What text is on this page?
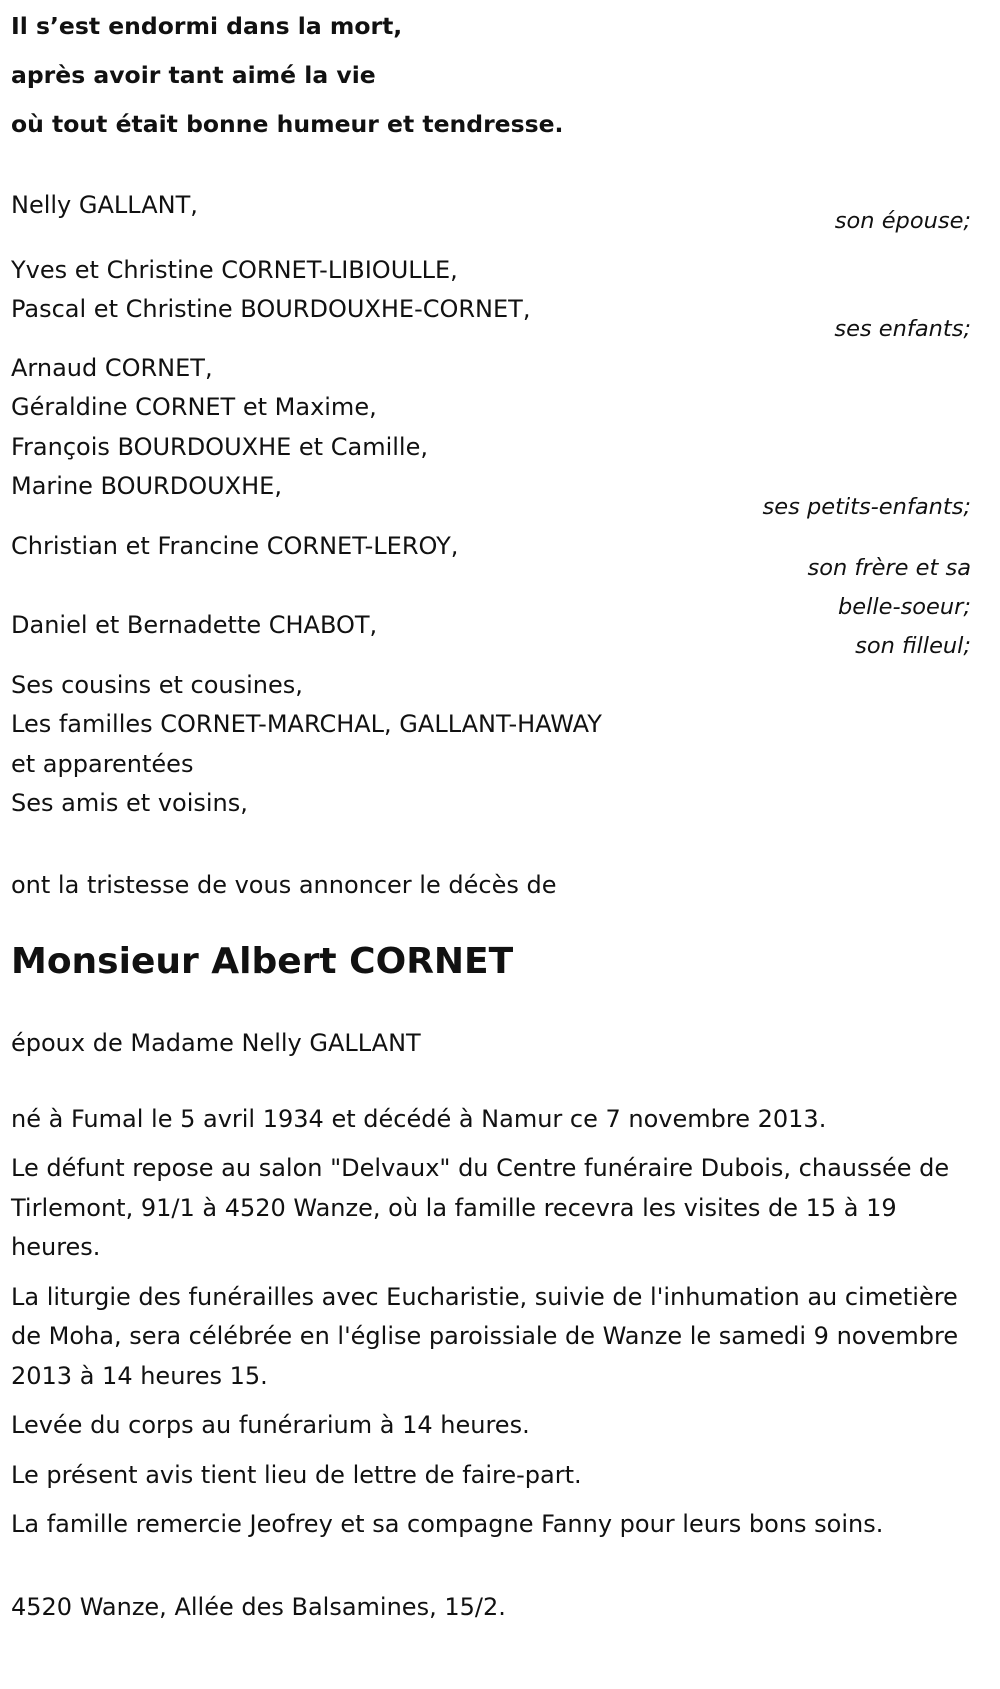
Il s’est endormi dans la mort,
après avoir tant aimé la vie
où tout était bonne humeur et tendresse.
Nelly GALLANT,
son épouse;
Yves et Christine CORNET-LIBIOULLE,
Pascal et Christine BOURDOUXHE-CORNET,
ses enfants;
Arnaud CORNET,
Géraldine CORNET et Maxime,
François BOURDOUXHE et Camille,
Marine BOURDOUXHE,
ses petits-enfants;
Christian et Francine CORNET-LEROY,
son frère et sa
belle-soeur;
Daniel et Bernadette CHABOT,
son filleul;
Ses cousins et cousines,
Les familles CORNET-MARCHAL, GALLANT-HAWAY
et apparentées
Ses amis et voisins,
ont la tristesse de vous annoncer le décès de
Monsieur Albert CORNET
époux de Madame Nelly GALLANT

né à Fumal le 5 avril 1934 et décédé à Namur ce 7 novembre 2013.

Le défunt repose au salon "Delvaux" du Centre funéraire Dubois, chaussée de Tirlemont, 91/1 à 4520 Wanze, où la famille recevra les visites de 15 à 19 heures.

La liturgie des funérailles avec Eucharistie, suivie de l'inhumation au cimetière de Moha, sera célébrée en l'église paroissiale de Wanze le samedi 9 novembre 2013 à 14 heures 15.

Levée du corps au funérarium à 14 heures.

Le présent avis tient lieu de lettre de faire-part.

La famille remercie Jeofrey et sa compagne Fanny pour leurs bons soins.

4520 Wanze, Allée des Balsamines, 15/2.
